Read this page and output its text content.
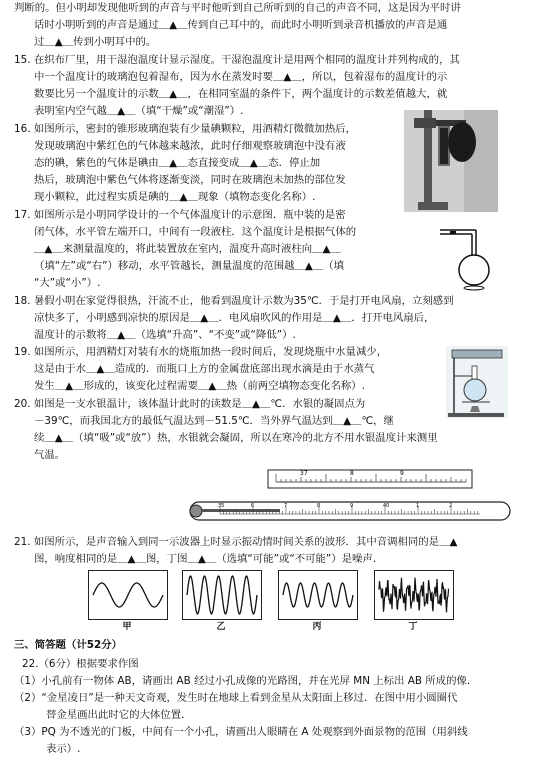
判断的。但小明却发现他听到的声音与平时他听到自己所听到的自己的声音不同，这是因为平时讲
话时小明听到的声音是通过＿▲＿传到自己耳中的，而此时小明听到录音机播放的声音是通
过＿▲＿传到小明耳中的。
15. 在织布厂里，用干湿泡温度计显示湿度。干湿泡温度计是用两个相同的温度计并列构成的，其
中一个温度计的玻璃泡包着湿布，因为水在蒸发时要＿▲＿，所以，包着湿布的温度计的示
数要比另一个温度计的示数＿▲＿，在相同室温的条件下，两个温度计的示数差值越大，就
表明室内空气越＿▲＿（填“干燥”或“潮湿”）.
16. 如图所示，密封的锥形玻璃泡装有少量碘颗粒，用酒精灯微微加热后，
发现玻璃泡中紫红色的气体越来越浓，此时仔细观察玻璃泡中没有液
态的碘，紫色的气体是碘由＿▲＿态直接变成＿▲＿态．停止加
热后，玻璃泡中紫色气体将逐渐变淡，同时在玻璃泡未加热的部位发
现小颗粒，此过程实质是碘的＿▲＿现象（填物态变化名称）.
17. 如图所示是小明同学设计的一个气体温度计的示意图．瓶中装的是密
闭气体，水平管左端开口，中间有一段液柱．这个温度计是根据气体的
＿▲＿来测量温度的，将此装置放在室内，温度升高时液柱向＿▲＿
（填“左”或“右”）移动，水平管越长，测量温度的范围越＿▲＿（填
“大”或“小”）.
18. 暑假小明在家觉得很热，汗流不止，他看到温度计示数为35℃．于是打开电风扇，立刻感到
凉快多了，小明感到凉快的原因是＿▲＿．电风扇吹风的作用是＿▲＿．打开电风扇后，
温度计的示数将＿▲＿（选填“升高”、“不变”或“降低”）.
19. 如图所示，用酒精灯对装有水的烧瓶加热一段时间后，发现烧瓶中水量减少，
这是由于水＿▲＿造成的．而瓶口上方的金属盘底部出现水滴是由于水蒸气
发生＿▲＿形成的，该变化过程需要＿▲＿热（前两空填物态变化名称）.
20. 如图是一支水银温计，该体温计此时的读数是＿▲＿℃．水银的凝固点为
－39℃，而我国北方的最低气温达到－51.5℃．当外界气温达到＿▲＿℃，继
续＿▲＿（填“吸”或“放”）热，水银就会凝固，所以在寒冷的北方不用水银温度计来测里
气温。
37	8	9
35	6	7	8	9	40	1	2
21. 如图所示，是声音输入到同一示波器上时显示振动情时间关系的波形．其中音调相同的是＿▲
图，响度相同的是＿▲＿图，丁图＿▲＿（选填“可能”或“不可能”）是噪声．
甲	乙	丙	丁
三、简答题（计52分）
22.（6分）根据要求作图
（1）小孔前有一物体 AB，请画出 AB 经过小孔成像的光路图，并在光屏 MN 上标出 AB 所成的像.
（2）“金星凌日”是一种天文奇观，发生时在地球上看到金星从太阳面上移过．在图中用小圆圈代
替金星画出此时它的大体位置．
（3）PQ 为不透光的门板，中间有一个小孔，请画出人眼睛在 A 处观察到外面景物的范围（用斜线
表示）.
